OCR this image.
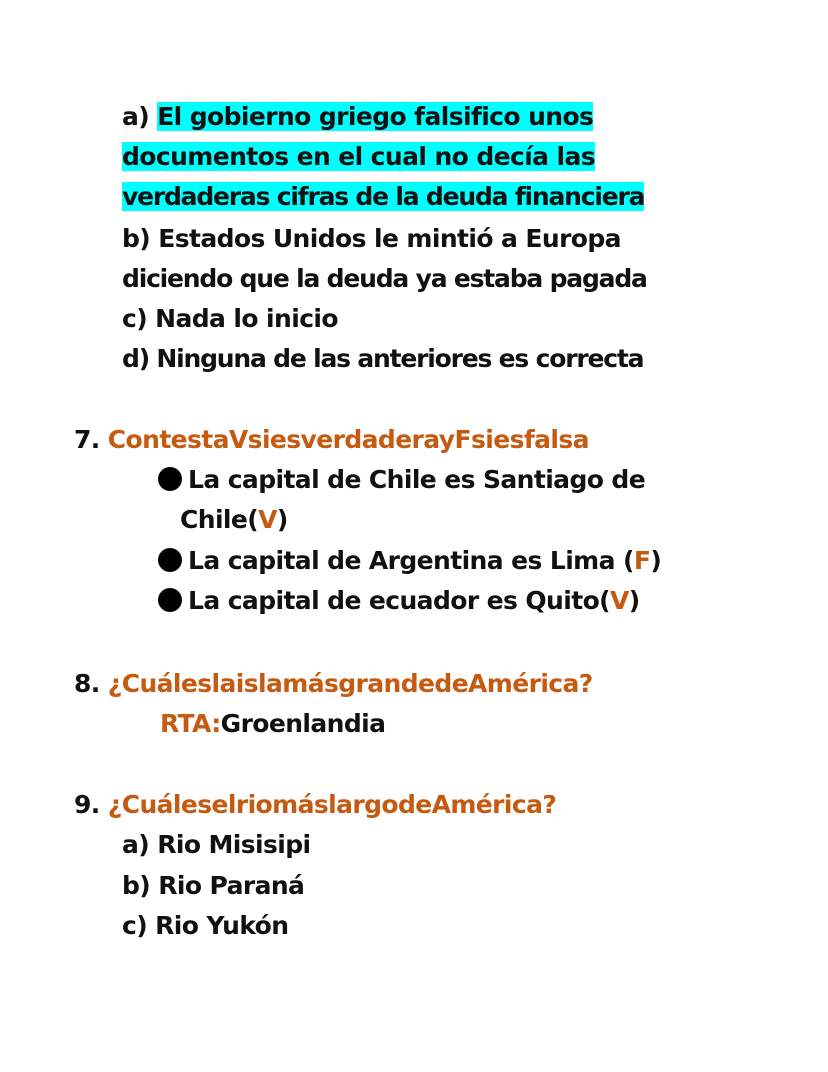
a) El gobierno griego falsifico unos
documentos en el cual no decía las
verdaderas cifras de la deuda financiera
b) Estados Unidos le mintió a Europa
diciendo que la deuda ya estaba pagada
c) Nada lo inicio
d) Ninguna de las anteriores es correcta
7. ContestaVsiesverdaderayFsiesfalsa
La capital de Chile es Santiago de
Chile(V)
La capital de Argentina es Lima (F)
La capital de ecuador es Quito(V)
8. ¿CuáleslaislamásgrandedeAmérica?
RTA:Groenlandia
9. ¿CuáleselriomáslargodeAmérica?
a) Rio Misisipi
b) Rio Paraná
c) Rio Yukón
